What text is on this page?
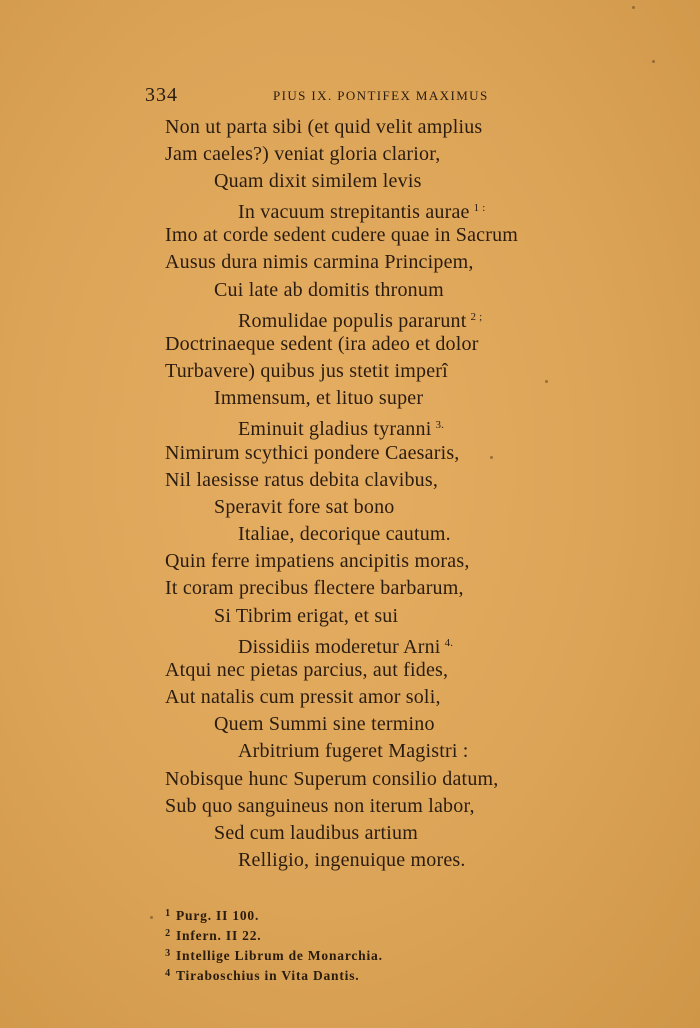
334	PIUS IX. PONTIFEX MAXIMUS
Non ut parta sibi (et quid velit amplius
Jam caeles?) veniat gloria clarior,
Quam dixit similem levis
In vacuum strepitantis aurae $^{1 :}$
Imo at corde sedent cudere quae in Sacrum
Ausus dura nimis carmina Principem,
Cui late ab domitis thronum
Romulidae populis pararunt $^{2 ;}$
Doctrinaeque sedent (ira adeo et dolor
Turbavere) quibus jus stetit imperî
Immensum, et lituo super
Eminuit gladius tyranni $^{3.}$
Nimirum scythici pondere Caesaris,
Nil laesisse ratus debita clavibus,
Speravit fore sat bono
Italiae, decorique cautum.
Quin ferre impatiens ancipitis moras,
It coram precibus flectere barbarum,
Si Tibrim erigat, et sui
Dissidiis moderetur Arni $^{4.}$
Atqui nec pietas parcius, aut fides,
Aut natalis cum pressit amor soli,
Quem Summi sine termino
Arbitrium fugeret Magistri :
Nobisque hunc Superum consilio datum,
Sub quo sanguineus non iterum labor,
Sed cum laudibus artium
Relligio, ingenuique mores.
1 Purg. II 100.
2 Infern. II 22.
3 Intellige Librum de Monarchia.
4 Tiraboschius in Vita Dantis.
